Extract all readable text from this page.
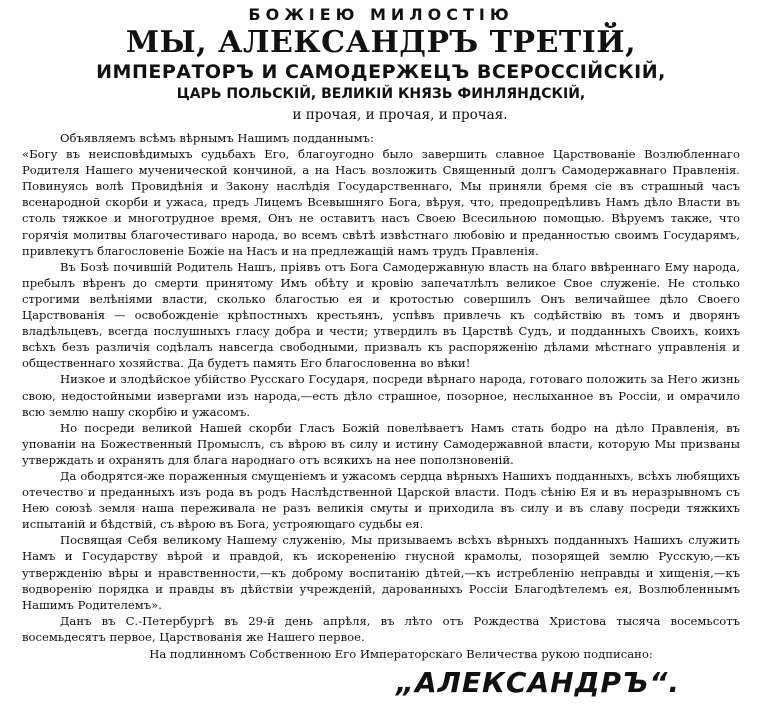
БОЖІЕЮ МИЛОСТІЮ
МЫ, АЛЕКСАНДРЪ ТРЕТІЙ,
ИМПЕРАТОРЪ И САМОДЕРЖЕЦЪ ВСЕРОССІЙСКІЙ,
ЦАРЬ ПОЛЬСКІЙ, ВЕЛИКІЙ КНЯЗЬ ФИНЛЯНДСКІЙ,
и прочая, и прочая, и прочая.

Объявляемъ всѣмъ вѣрнымъ Нашимъ подданнымъ:

«Богу въ неисповѣдимыхъ судьбахъ Его, благоугодно было завершить славное Царствованіе Возлюбленнаго Родителя Нашего мученической кончиной, а на Насъ возложить Священный долгъ Самодержавнаго Правленія. Повинуясь волѣ Провидѣнія и Закону наслѣдія Государственнаго, Мы приняли бремя сіе въ страшный часъ всенародной скорби и ужаса, предъ Лицемъ Всевышняго Бога, вѣруя, что, предопредѣливъ Намъ дѣло Власти въ столь тяжкое и многотрудное время, Онъ не оставитъ насъ Своею Всесильною помощью. Вѣруемъ также, что горячія молитвы благочестиваго народа, во всемъ свѣтѣ извѣстнаго любовію и преданностью своимъ Государямъ, привлекутъ благословеніе Божіе на Насъ и на предлежащій намъ трудъ Правленія.

Въ Бозѣ почившій Родитель Нашъ, пріявъ отъ Бога Самодержавную власть на благо ввѣреннаго Ему народа, пребылъ вѣренъ до смерти принятому Имъ обѣту и кровію запечатлѣлъ великое Свое служеніе. Не столько строгими велѣніями власти, сколько благостью ея и кротостью совершилъ Онъ величайшее дѣло Своего Царствованія — освобожденіе крѣпостныхъ крестьянъ, успѣвъ привлечь къ содѣйствію въ томъ и дворянъ владѣльцевъ, всегда послушныхъ гласу добра и чести; утвердилъ въ Царствѣ Судъ, и подданныхъ Своихъ, коихъ всѣхъ безъ различія содѣлалъ навсегда свободными, призвалъ къ распоряженію дѣлами мѣстнаго управленія и общественнаго хозяйства. Да будетъ память Его благословенна во вѣки!

Низкое и злодѣйское убійство Русскаго Государя, посреди вѣрнаго народа, готоваго положить за Него жизнь свою, недостойными извергами изъ народа,—есть дѣло страшное, позорное, неслыханное въ Россіи, и омрачило всю землю нашу скорбію и ужасомъ.

Но посреди великой Нашей скорби Гласъ Божій повелѣваетъ Намъ стать бодро на дѣло Правленія, въ упованіи на Божественный Промыслъ, съ вѣрою въ силу и истину Самодержавной власти, которую Мы призваны утверждать и охранять для блага народнаго отъ всякихъ на нее поползновеній.

Да ободрятся-же пораженныя смущеніемъ и ужасомъ сердца вѣрныхъ Нашихъ подданныхъ, всѣхъ любящихъ отечество и преданныхъ изъ рода въ родъ Наслѣдственной Царской власти. Подъ сѣнію Ея и въ неразрывномъ съ Нею союзѣ земля наша переживала не разъ великія смуты и приходила въ силу и въ славу посреди тяжкихъ испытаній и бѣдствій, съ вѣрою въ Бога, устрояющаго судьбы ея.

Посвящая Себя великому Нашему служенію, Мы призываемъ всѣхъ вѣрныхъ подданныхъ Нашихъ служить Намъ и Государству вѣрой и правдой, къ искорененію гнусной крамолы, позорящей землю Русскую,—къ утвержденію вѣры и нравственности,—къ доброму воспитанію дѣтей,—къ истребленію неправды и хищенія,—къ водворенію порядка и правды въ дѣйствіи учрежденій, дарованныхъ Россіи Благодѣтелемъ ея, Возлюбленнымъ Нашимъ Родителемъ».

Данъ въ С.-Петербургѣ въ 29-й день апрѣля, въ лѣто отъ Рождества Христова тысяча восемьсотъ восемьдесятъ первое, Царствованія же Нашего первое.

На подлинномъ Собственною Его Императорскаго Величества рукою подписано:
„АЛЕКСАНДРЪ“.
